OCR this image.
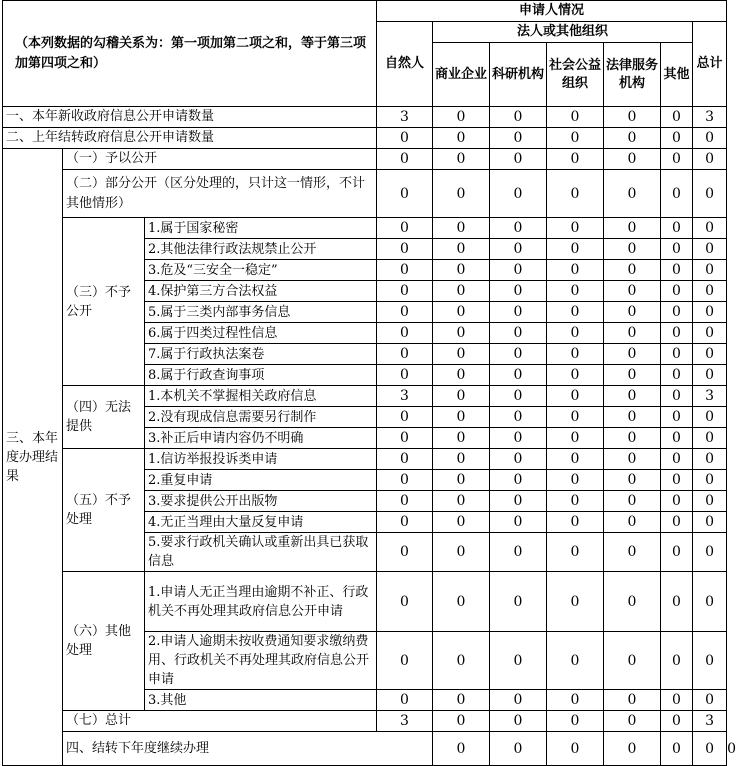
（本列数据的勾稽关系为：第一项加第二项之和，等于第三项加第四项之和）			申请人情况							
			自然人	法人或其他组织					总计	
				商业企业	科研机构	社会公益组织	法律服务机构	其他		

一、本年新收政府信息公开申请数量			3	0	0	0	0	0	3	
二、上年结转政府信息公开申请数量			0	0	0	0	0	0	0	
三、本年度办理结果	（一）予以公开		0	0	0	0	0	0	0	
	（二）部分公开（区分处理的，只计这一情形，不计其他情形）		0	0	0	0	0	0	0	
	（三）不予公开	1.属于国家秘密	0	0	0	0	0	0	0	
		2.其他法律行政法规禁止公开	0	0	0	0	0	0	0	
		3.危及“三安全一稳定”	0	0	0	0	0	0	0	
		4.保护第三方合法权益	0	0	0	0	0	0	0	
		5.属于三类内部事务信息	0	0	0	0	0	0	0	
		6.属于四类过程性信息	0	0	0	0	0	0	0	
		7.属于行政执法案卷	0	0	0	0	0	0	0	
		8.属于行政查询事项	0	0	0	0	0	0	0	
	（四）无法提供	1.本机关不掌握相关政府信息	3	0	0	0	0	0	3	
		2.没有现成信息需要另行制作	0	0	0	0	0	0	0	
		3.补正后申请内容仍不明确	0	0	0	0	0	0	0	
	（五）不予处理	1.信访举报投诉类申请	0	0	0	0	0	0	0	
		2.重复申请	0	0	0	0	0	0	0	
		3.要求提供公开出版物	0	0	0	0	0	0	0	
		4.无正当理由大量反复申请	0	0	0	0	0	0	0	
		5.要求行政机关确认或重新出具已获取信息	0	0	0	0	0	0	0	
	（六）其他处理	1.申请人无正当理由逾期不补正、行政机关不再处理其政府信息公开申请	0	0	0	0	0	0	0	
		2.申请人逾期未按收费通知要求缴纳费用、行政机关不再处理其政府信息公开申请	0	0	0	0	0	0	0	
		3.其他	0	0	0	0	0	0	0	
	（七）总计		3	0	0	0	0	0	3	
	四、结转下年度继续办理			0	0	0	0	0	0	0
